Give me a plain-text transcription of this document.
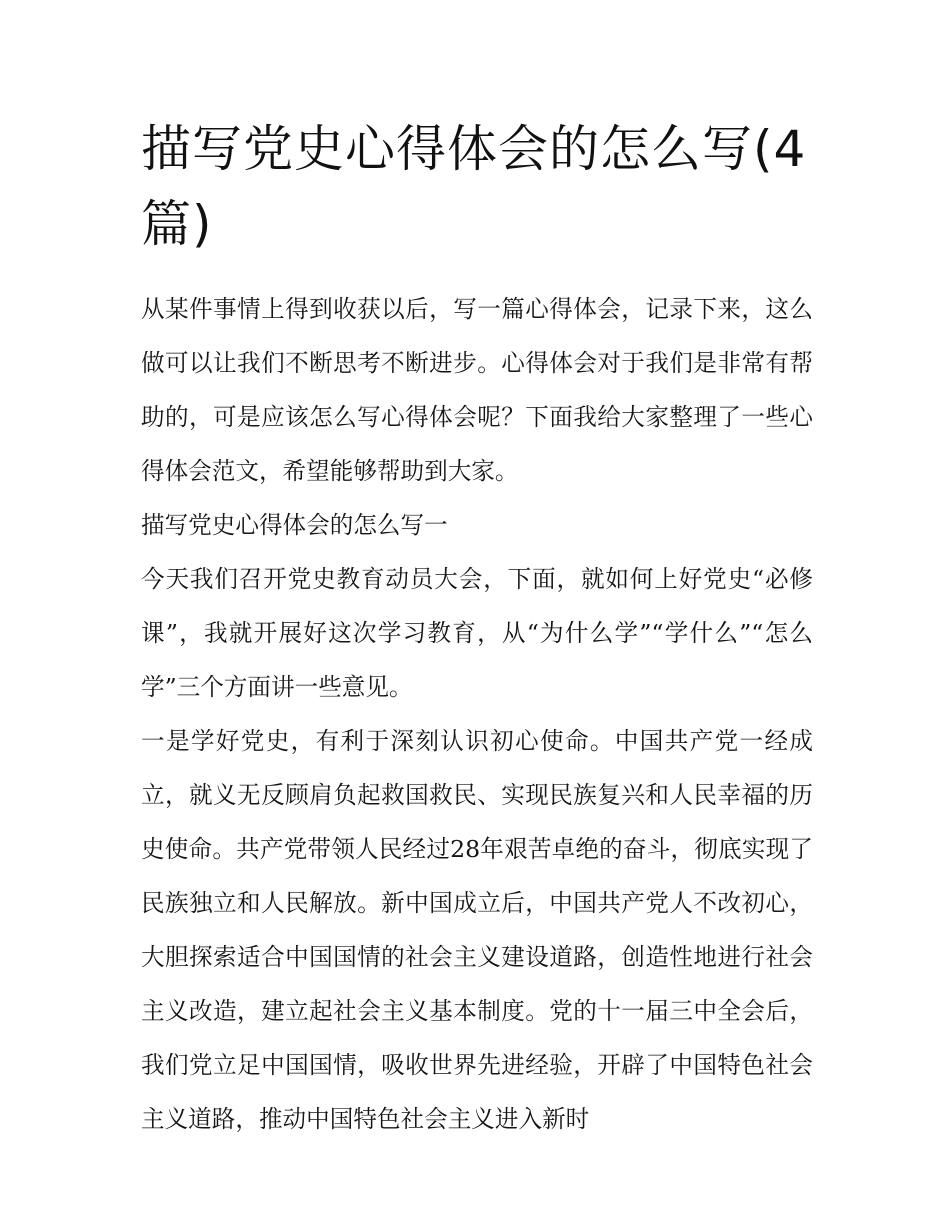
描写党史心得体会的怎么写(4篇)

从某件事情上得到收获以后，写一篇心得体会，记录下来，这么做可以让我们不断思考不断进步。心得体会对于我们是非常有帮助的，可是应该怎么写心得体会呢？下面我给大家整理了一些心得体会范文，希望能够帮助到大家。

描写党史心得体会的怎么写一

今天我们召开党史教育动员大会，下面，就如何上好党史“必修课”，我就开展好这次学习教育，从“为什么学”“学什么”“怎么学”三个方面讲一些意见。

一是学好党史，有利于深刻认识初心使命。中国共产党一经成立，就义无反顾肩负起救国救民、实现民族复兴和人民幸福的历史使命。共产党带领人民经过28年艰苦卓绝的奋斗，彻底实现了民族独立和人民解放。新中国成立后，中国共产党人不改初心，大胆探索适合中国国情的社会主义建设道路，创造性地进行社会主义改造，建立起社会主义基本制度。党的十一届三中全会后，我们党立足中国国情，吸收世界先进经验，开辟了中国特色社会主义道路，推动中国特色社会主义进入新时
